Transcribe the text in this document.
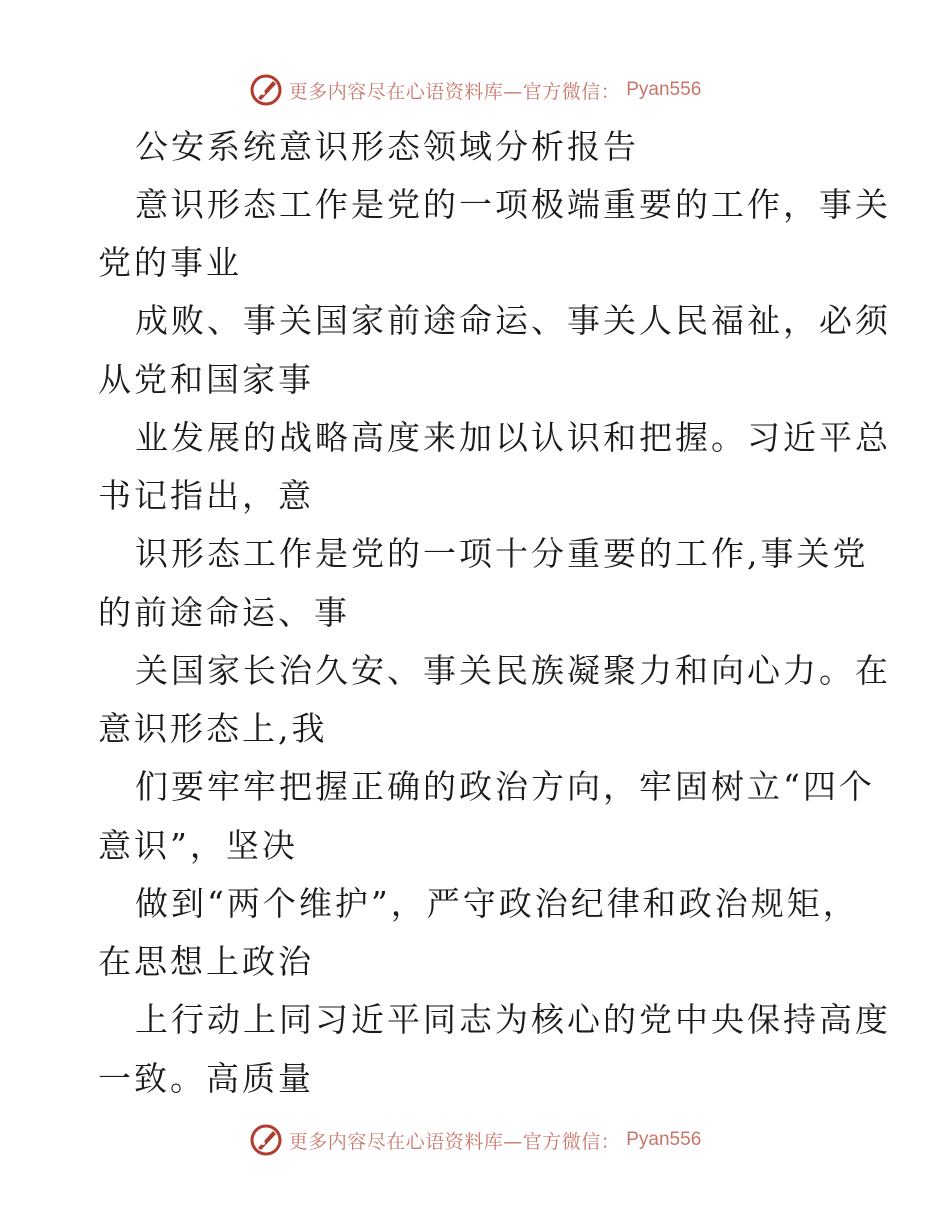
更多内容尽在心语资料库—官方微信： Pyan556
公安系统意识形态领域分析报告
意识形态工作是党的一项极端重要的工作，事关
党的事业
成败、事关国家前途命运、事关人民福祉，必须
从党和国家事
业发展的战略高度来加以认识和把握。习近平总
书记指出，意
识形态工作是党的一项十分重要的工作,事关党
的前途命运、事
关国家长治久安、事关民族凝聚力和向心力。在
意识形态上,我
们要牢牢把握正确的政治方向，牢固树立“四个
意识”，坚决
做到“两个维护”，严守政治纪律和政治规矩，
在思想上政治
上行动上同习近平同志为核心的党中央保持高度
一致。高质量
更多内容尽在心语资料库—官方微信： Pyan556
